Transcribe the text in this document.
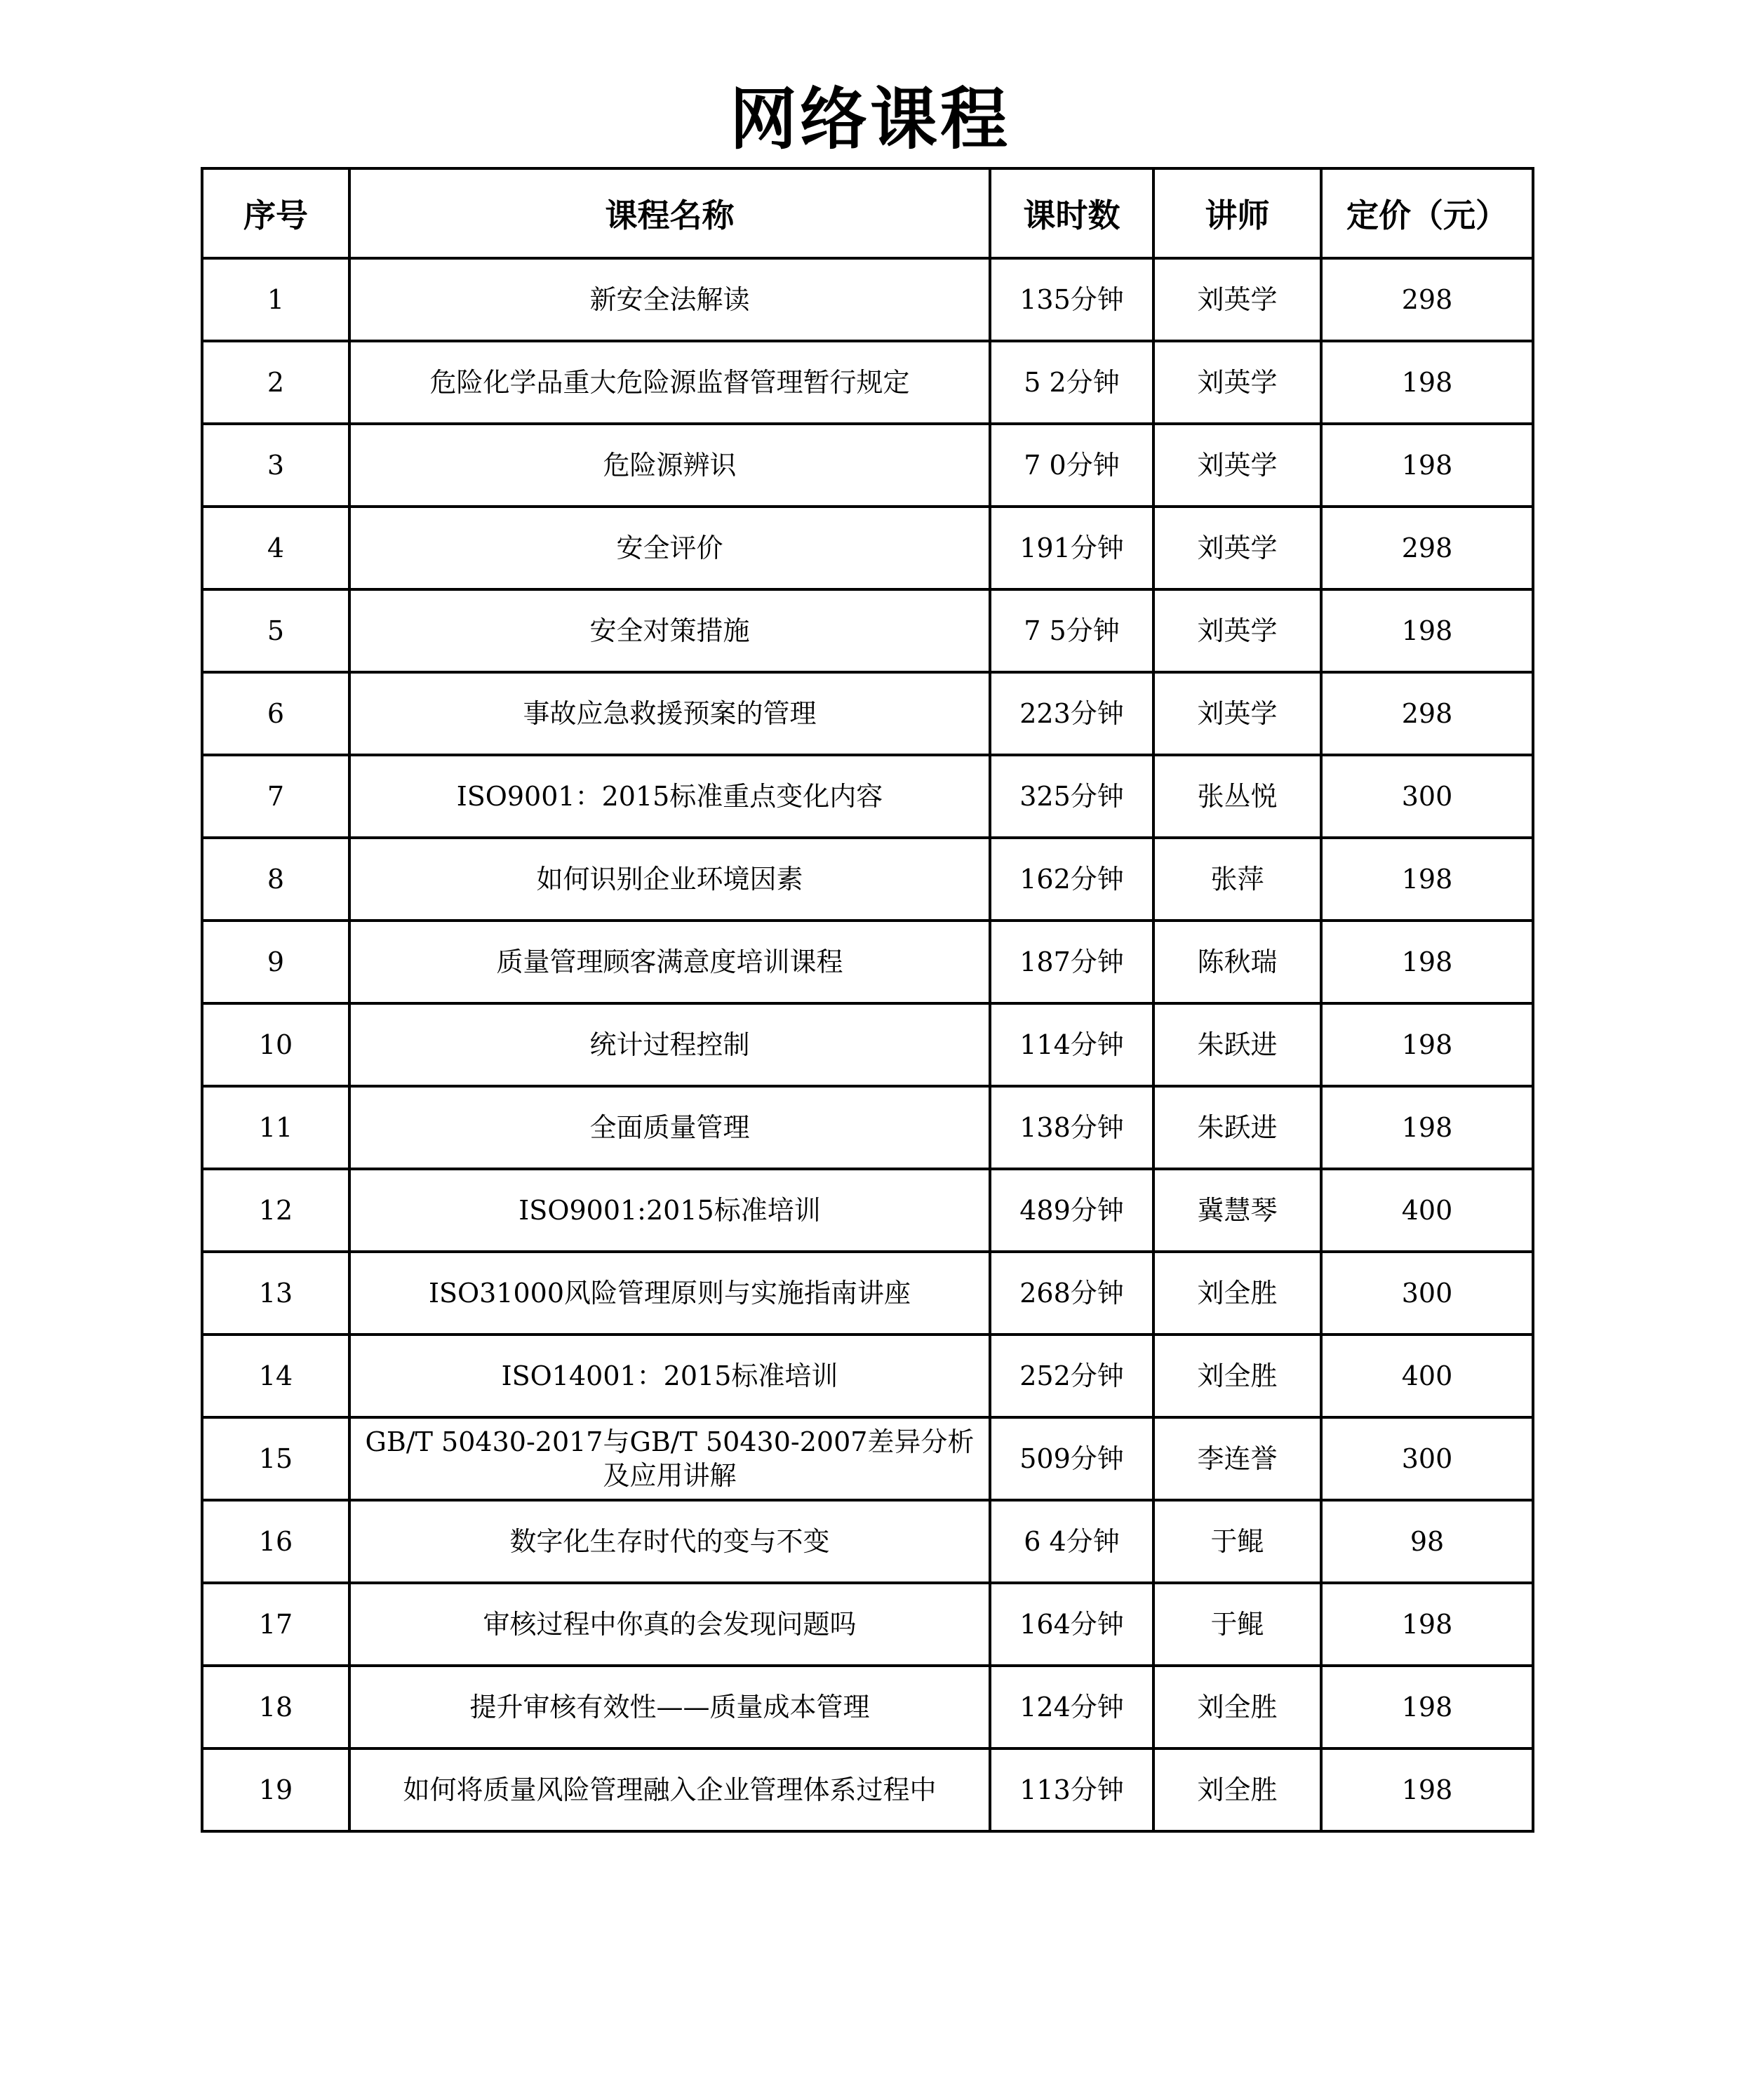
网络课程
序号	课程名称	课时数	讲师	定价（元）
1	新安全法解读	135分钟	刘英学	298
2	危险化学品重大危险源监督管理暂行规定	5 2分钟	刘英学	198
3	危险源辨识	7 0分钟	刘英学	198
4	安全评价	191分钟	刘英学	298
5	安全对策措施	7 5分钟	刘英学	198
6	事故应急救援预案的管理	223分钟	刘英学	298
7	ISO9001：2015标准重点变化内容	325分钟	张丛悦	300
8	如何识别企业环境因素	162分钟	张萍	198
9	质量管理顾客满意度培训课程	187分钟	陈秋瑞	198
10	统计过程控制	114分钟	朱跃进	198
11	全面质量管理	138分钟	朱跃进	198
12	ISO9001:2015标准培训	489分钟	冀慧琴	400
13	ISO31000风险管理原则与实施指南讲座	268分钟	刘全胜	300
14	ISO14001：2015标准培训	252分钟	刘全胜	400
15	GB/T 50430-2017与GB/T 50430-2007差异分析及应用讲解	509分钟	李连誉	300
16	数字化生存时代的变与不变	6 4分钟	于鲲	98
17	审核过程中你真的会发现问题吗	164分钟	于鲲	198
18	提升审核有效性——质量成本管理	124分钟	刘全胜	198
19	如何将质量风险管理融入企业管理体系过程中	113分钟	刘全胜	198
